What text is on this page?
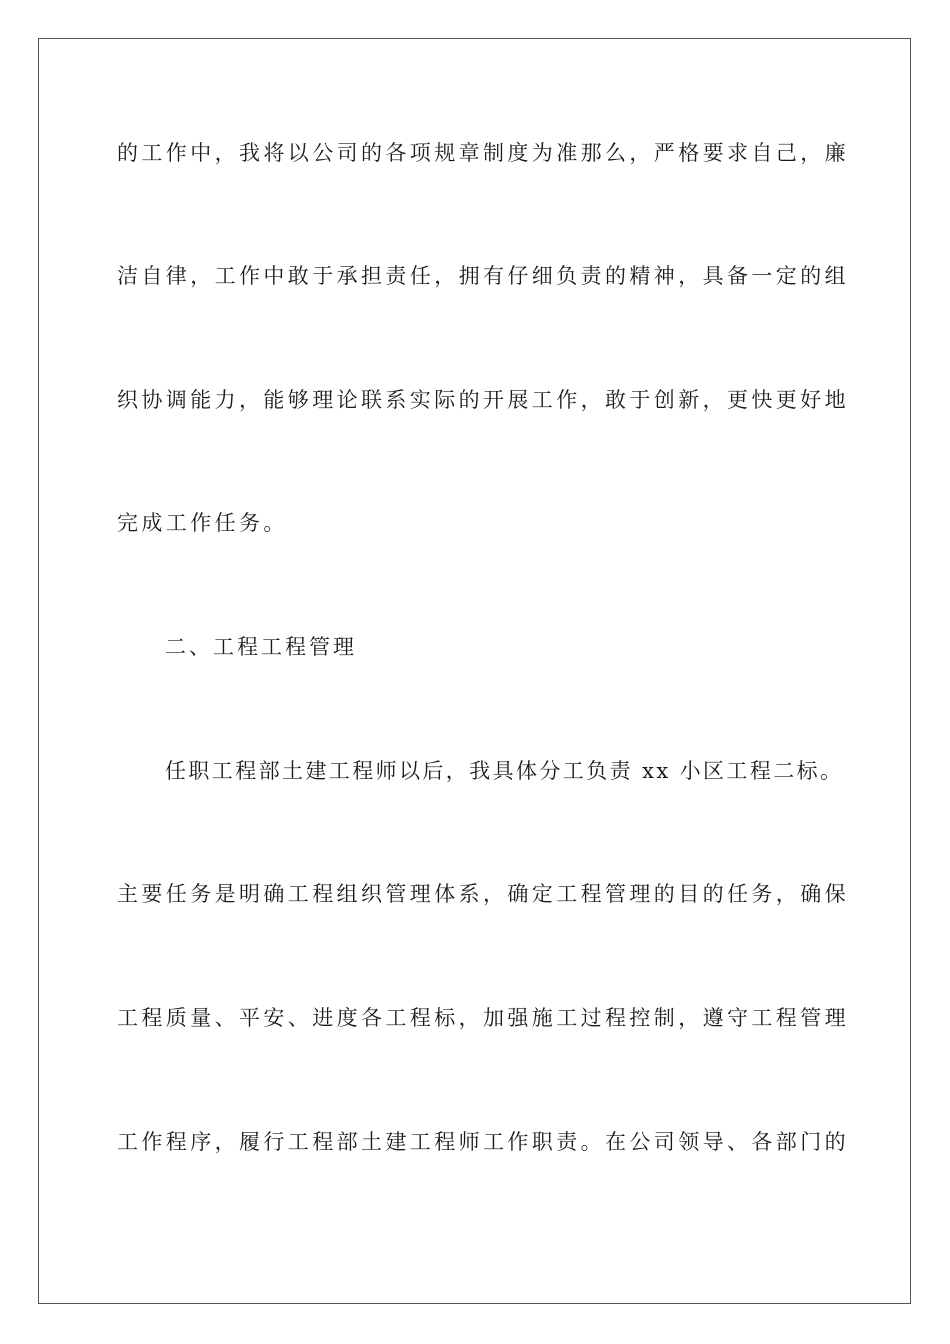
的工作中，我将以公司的各项规章制度为准那么，严格要求自己，廉
洁自律，工作中敢于承担责任，拥有仔细负责的精神，具备一定的组
织协调能力，能够理论联系实际的开展工作，敢于创新，更快更好地
完成工作任务。
二、工程工程管理
任职工程部土建工程师以后，我具体分工负责 xx 小区工程二标。
主要任务是明确工程组织管理体系，确定工程管理的目的任务，确保
工程质量、平安、进度各工程标，加强施工过程控制，遵守工程管理
工作程序，履行工程部土建工程师工作职责。在公司领导、各部门的
